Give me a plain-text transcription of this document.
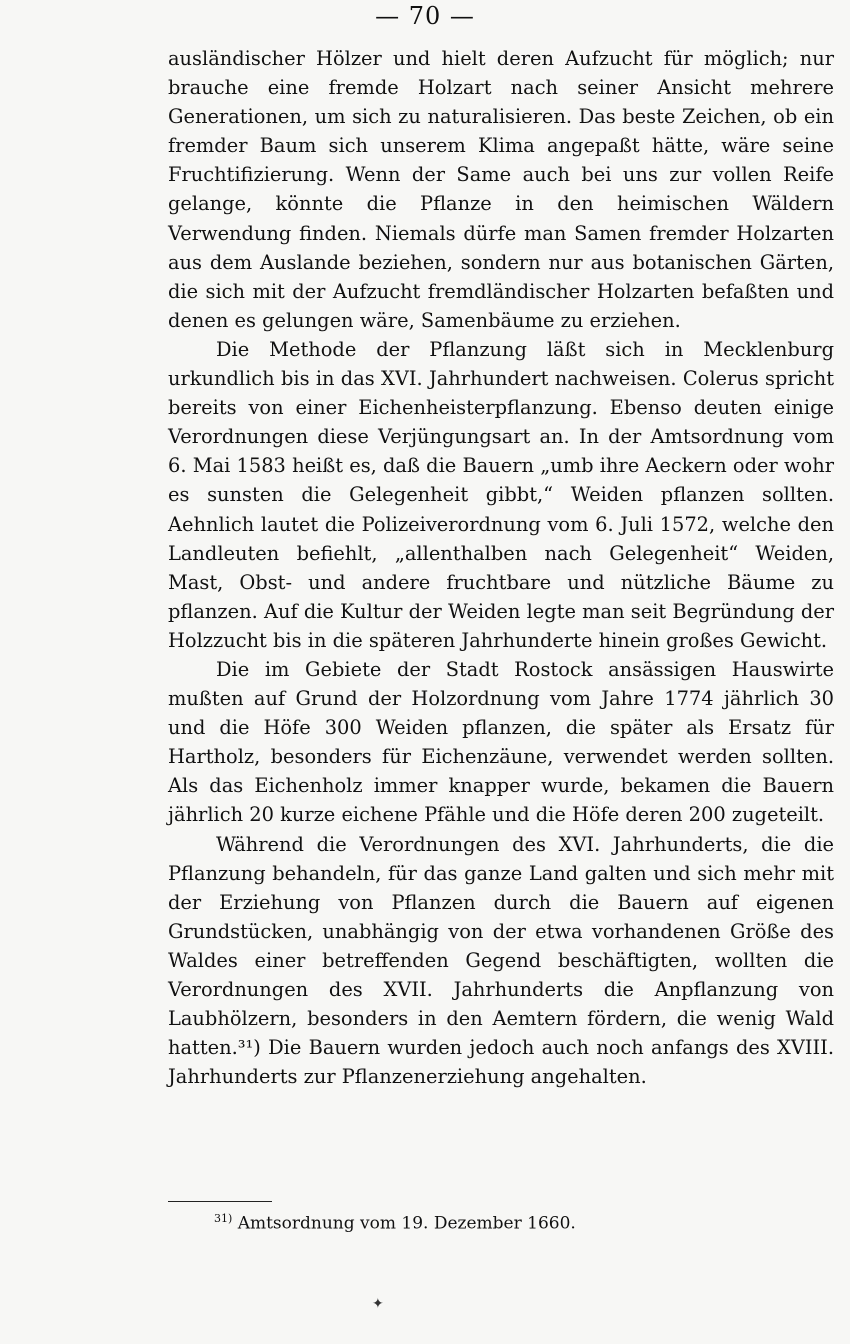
— 70 —

ausländischer Hölzer und hielt deren Aufzucht für möglich; nur brauche eine fremde Holzart nach seiner Ansicht mehrere Generationen, um sich zu naturalisieren. Das beste Zeichen, ob ein fremder Baum sich unserem Klima angepaßt hätte, wäre seine Fruchtifizierung. Wenn der Same auch bei uns zur vollen Reife gelange, könnte die Pflanze in den heimischen Wäldern Verwendung finden. Niemals dürfe man Samen fremder Holzarten aus dem Auslande beziehen, sondern nur aus botanischen Gärten, die sich mit der Aufzucht fremdländischer Holzarten befaßten und denen es gelungen wäre, Samenbäume zu erziehen.

Die Methode der Pflanzung läßt sich in Mecklenburg urkundlich bis in das XVI. Jahrhundert nachweisen. Colerus spricht bereits von einer Eichenheisterpflanzung. Ebenso deuten einige Verordnungen diese Verjüngungsart an. In der Amtsordnung vom 6. Mai 1583 heißt es, daß die Bauern „umb ihre Aeckern oder wohr es sunsten die Gelegenheit gibbt,“ Weiden pflanzen sollten. Aehnlich lautet die Polizeiverordnung vom 6. Juli 1572, welche den Landleuten befiehlt, „allenthalben nach Gelegenheit“ Weiden, Mast, Obst- und andere fruchtbare und nützliche Bäume zu pflanzen. Auf die Kultur der Weiden legte man seit Begründung der Holzzucht bis in die späteren Jahrhunderte hinein großes Gewicht.

Die im Gebiete der Stadt Rostock ansässigen Hauswirte mußten auf Grund der Holzordnung vom Jahre 1774 jährlich 30 und die Höfe 300 Weiden pflanzen, die später als Ersatz für Hartholz, besonders für Eichenzäune, verwendet werden sollten. Als das Eichenholz immer knapper wurde, bekamen die Bauern jährlich 20 kurze eichene Pfähle und die Höfe deren 200 zugeteilt.

Während die Verordnungen des XVI. Jahrhunderts, die die Pflanzung behandeln, für das ganze Land galten und sich mehr mit der Erziehung von Pflanzen durch die Bauern auf eigenen Grundstücken, unabhängig von der etwa vorhandenen Größe des Waldes einer betreffenden Gegend beschäftigten, wollten die Verordnungen des XVII. Jahrhunderts die Anpflanzung von Laubhölzern, besonders in den Aemtern fördern, die wenig Wald hatten.³¹) Die Bauern wurden jedoch auch noch anfangs des XVIII. Jahrhunderts zur Pflanzenerziehung angehalten.

$^{31)}$ Amtsordnung vom 19. Dezember 1660.
✦
